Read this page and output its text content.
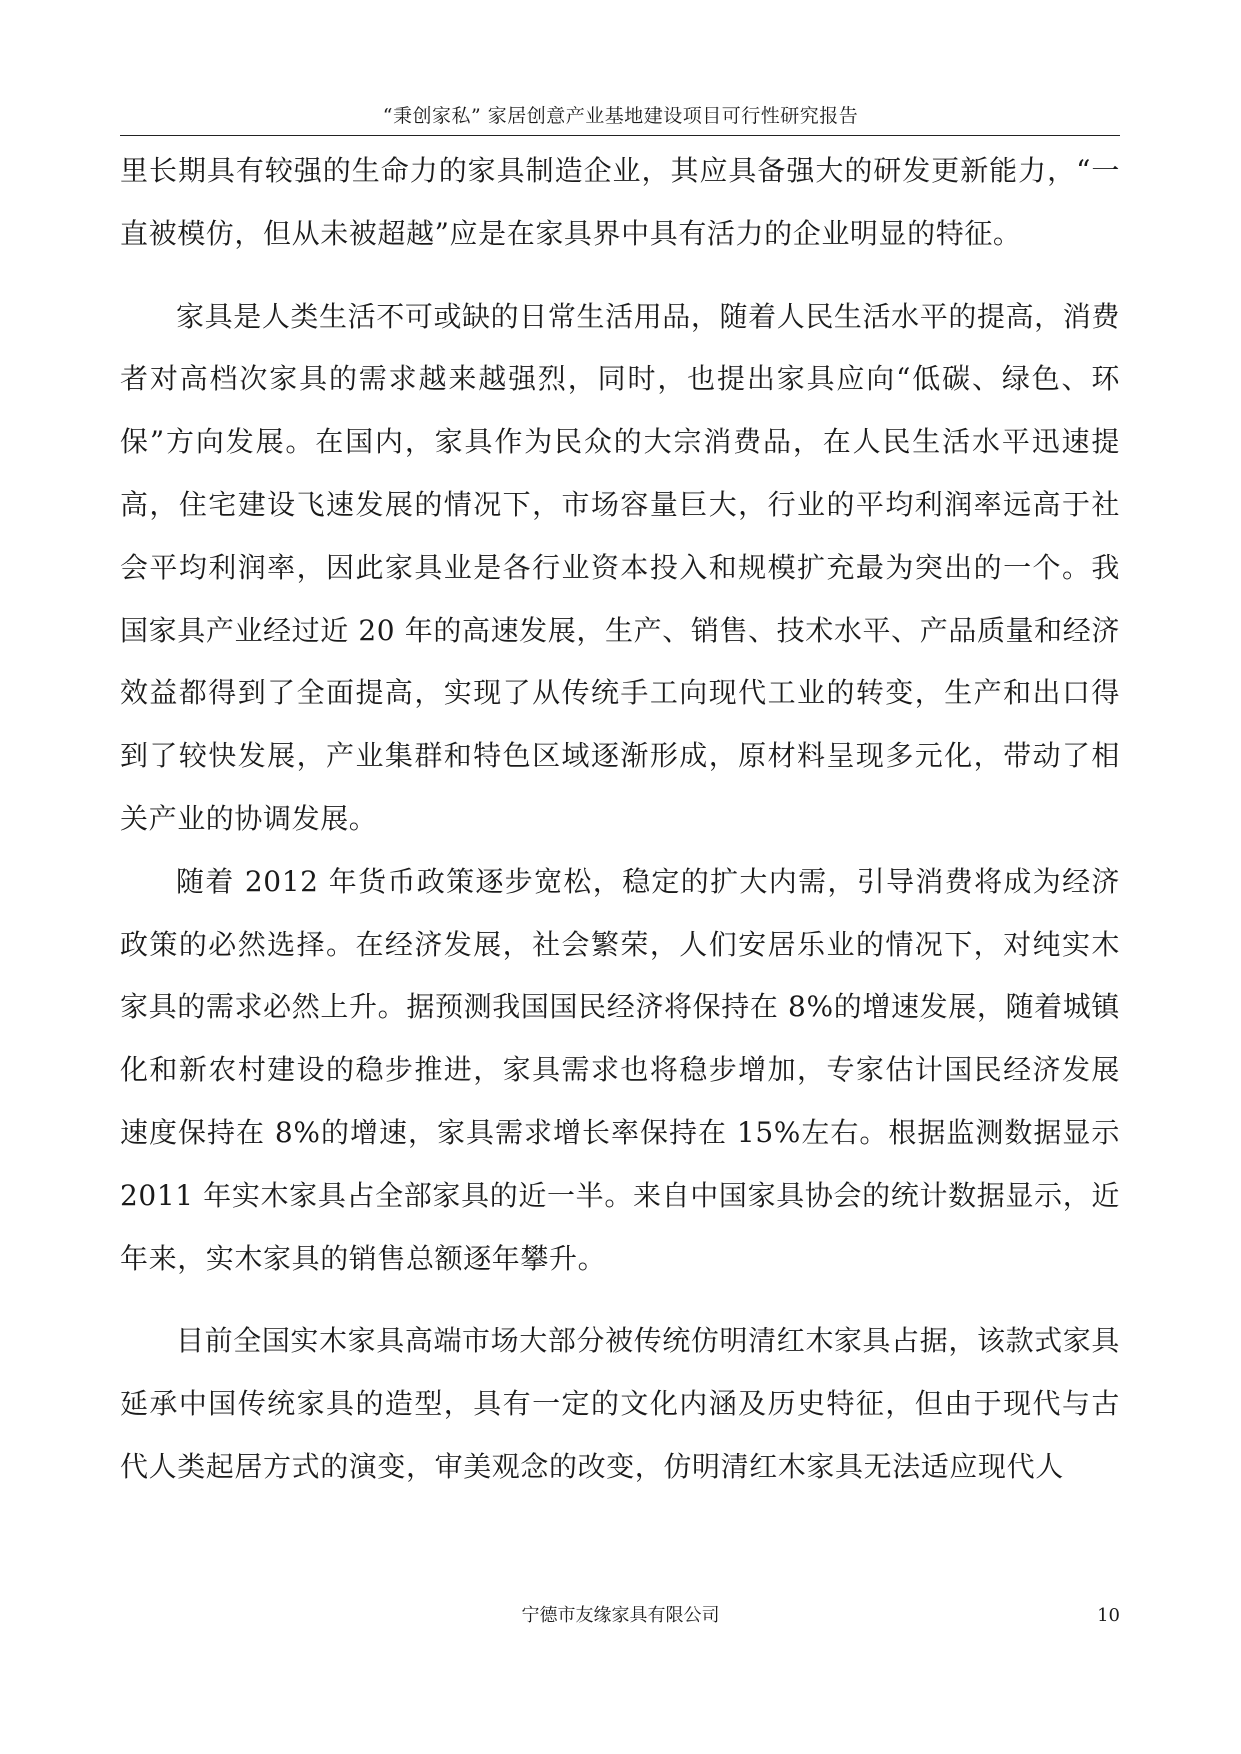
“秉创家私” 家居创意产业基地建设项目可行性研究报告

里长期具有较强的生命力的家具制造企业，其应具备强大的研发更新能力，“一直被模仿，但从未被超越”应是在家具界中具有活力的企业明显的特征。

家具是人类生活不可或缺的日常生活用品，随着人民生活水平的提高，消费者对高档次家具的需求越来越强烈，同时，也提出家具应向“低碳、绿色、环保”方向发展。在国内，家具作为民众的大宗消费品，在人民生活水平迅速提高，住宅建设飞速发展的情况下，市场容量巨大，行业的平均利润率远高于社会平均利润率，因此家具业是各行业资本投入和规模扩充最为突出的一个。我国家具产业经过近 20 年的高速发展，生产、销售、技术水平、产品质量和经济效益都得到了全面提高，实现了从传统手工向现代工业的转变，生产和出口得到了较快发展，产业集群和特色区域逐渐形成，原材料呈现多元化，带动了相关产业的协调发展。

随着 2012 年货币政策逐步宽松，稳定的扩大内需，引导消费将成为经济政策的必然选择。在经济发展，社会繁荣，人们安居乐业的情况下，对纯实木家具的需求必然上升。据预测我国国民经济将保持在 8%的增速发展，随着城镇化和新农村建设的稳步推进，家具需求也将稳步增加，专家估计国民经济发展速度保持在 8%的增速，家具需求增长率保持在 15%左右。根据监测数据显示 2011 年实木家具占全部家具的近一半。来自中国家具协会的统计数据显示，近年来，实木家具的销售总额逐年攀升。

目前全国实木家具高端市场大部分被传统仿明清红木家具占据，该款式家具延承中国传统家具的造型，具有一定的文化内涵及历史特征，但由于现代与古代人类起居方式的演变，审美观念的改变，仿明清红木家具无法适应现代人

宁德市友缘家具有限公司	10
